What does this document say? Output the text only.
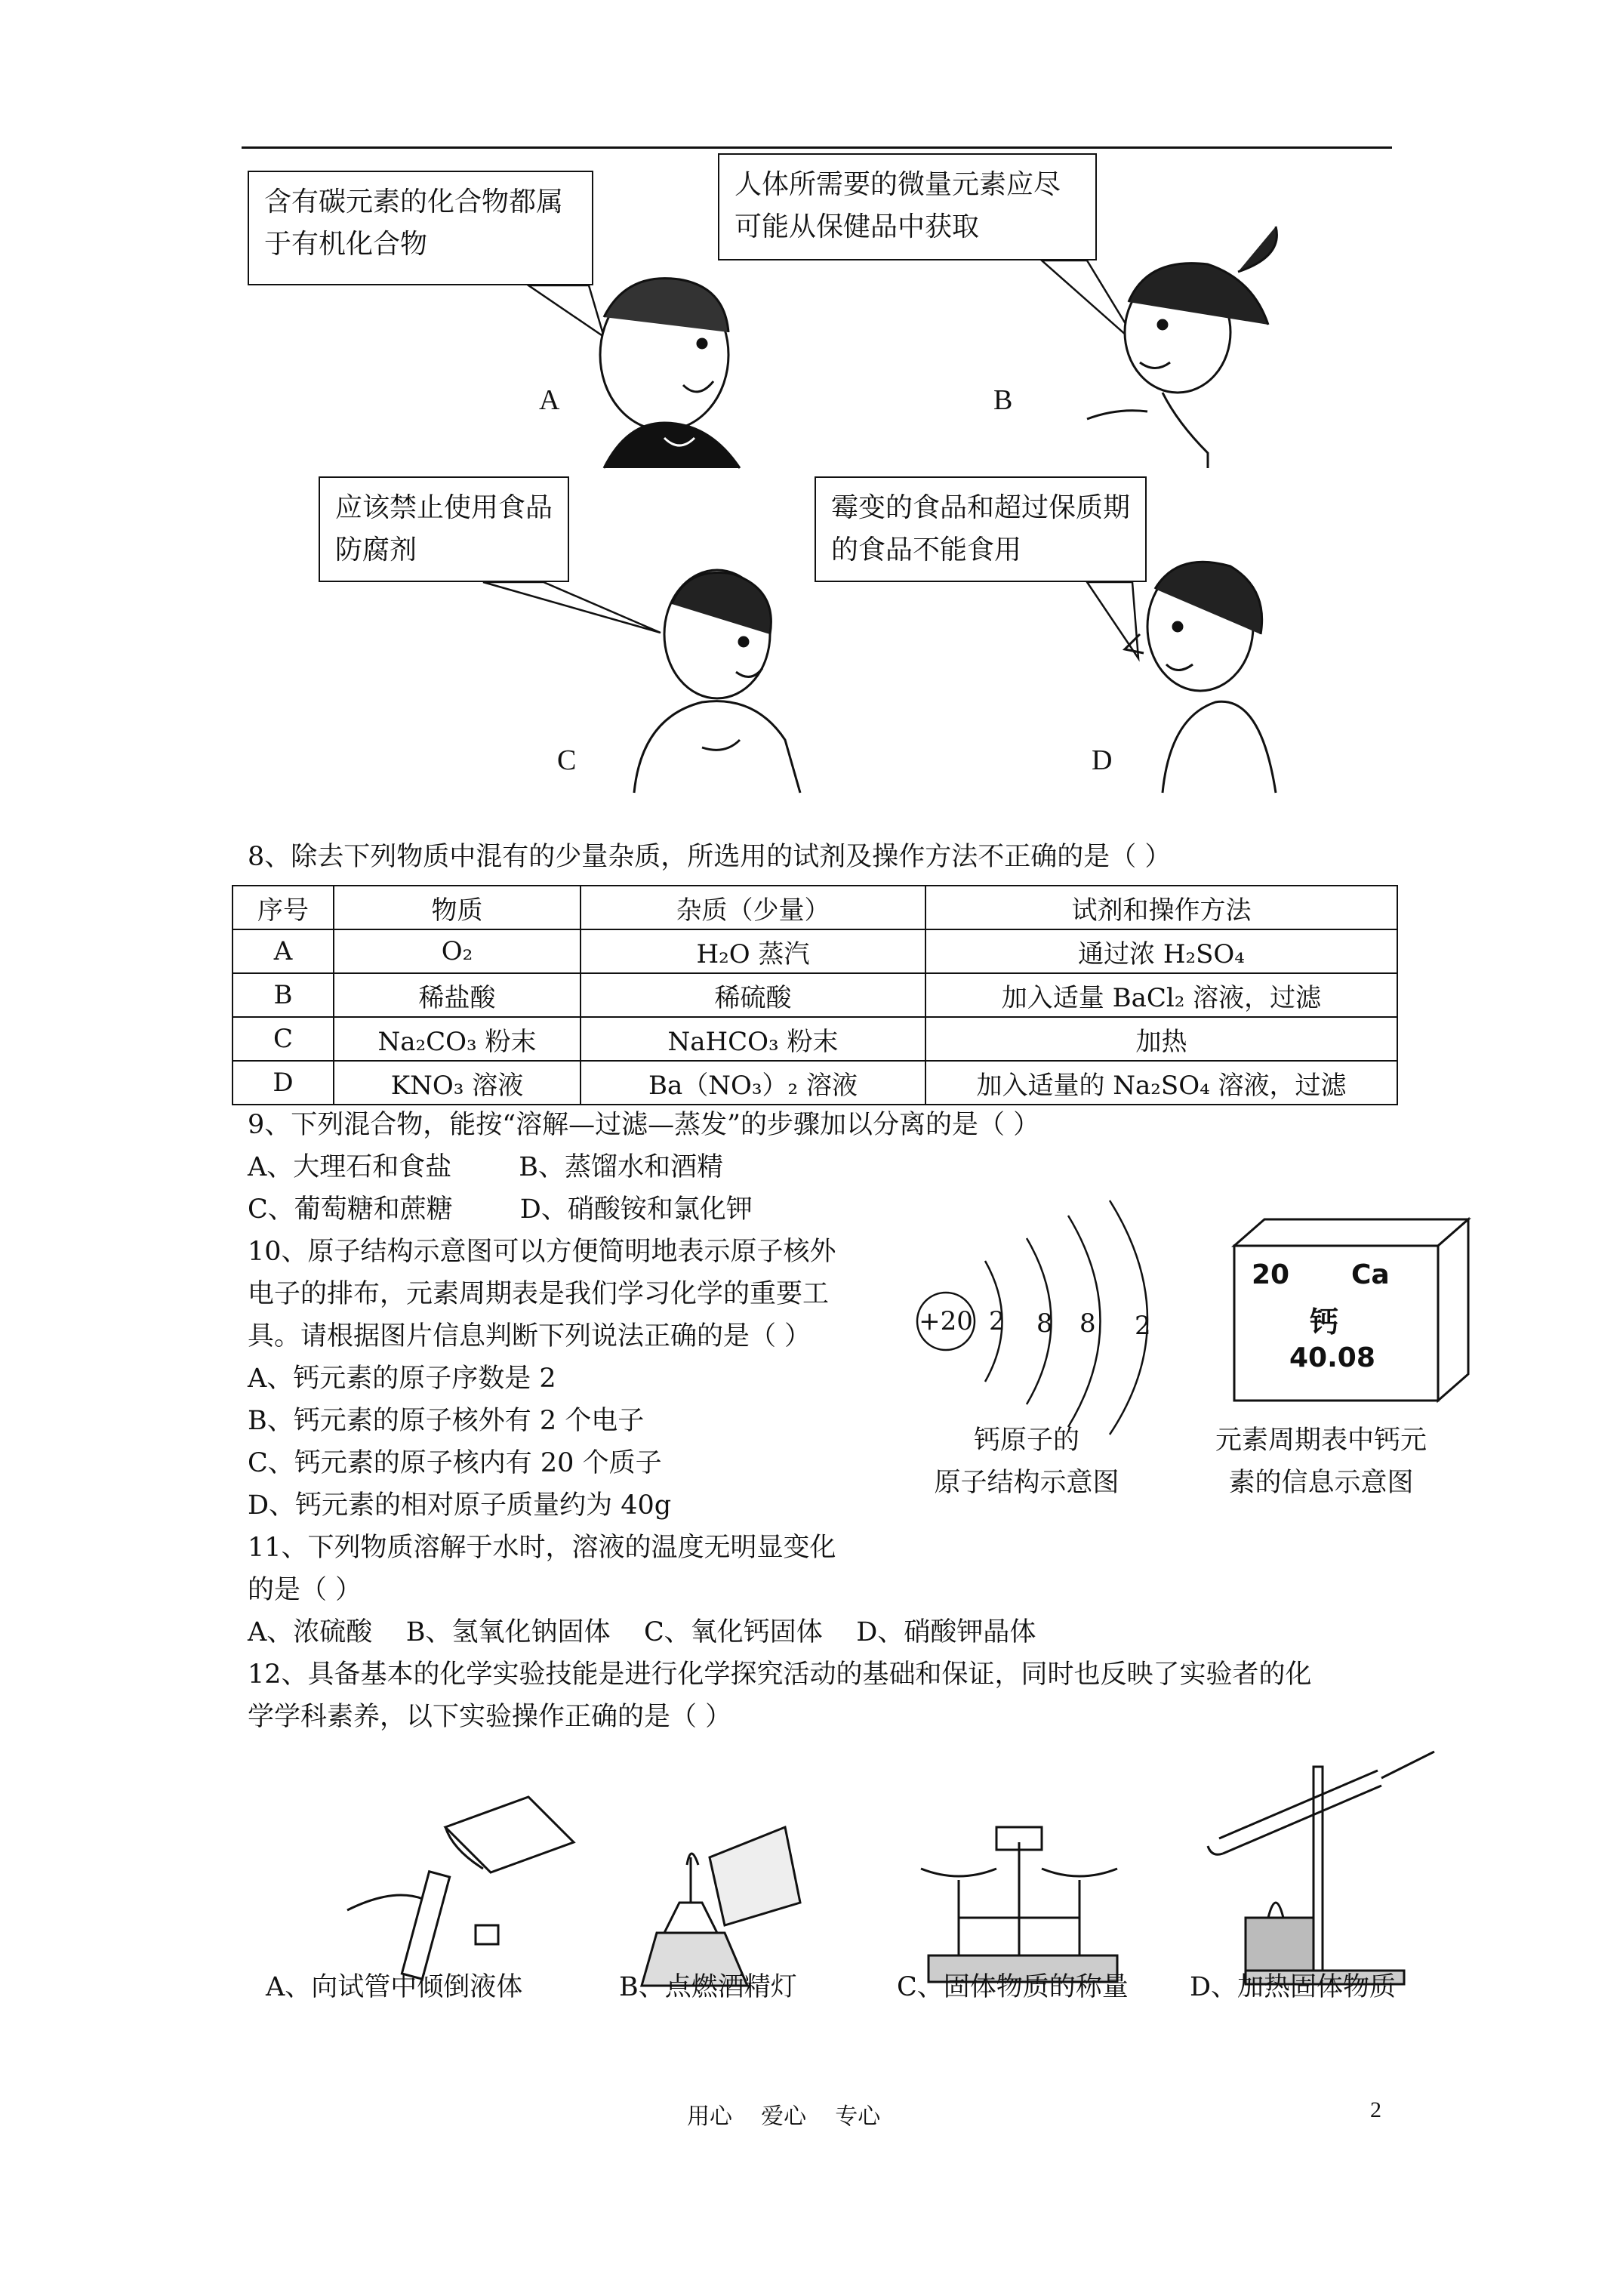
含有碳元素的化合物都属于有机化合物
人体所需要的微量元素应尽可能从保健品中获取
应该禁止使用食品防腐剂
霉变的食品和超过保质期的食品不能食用
A	B
C	D
8、除去下列物质中混有的少量杂质，所选用的试剂及操作方法不正确的是（ ）
序号	物质	杂质（少量）	试剂和操作方法
A	O₂	H₂O 蒸汽	通过浓 H₂SO₄
B	稀盐酸	稀硫酸	加入适量 BaCl₂ 溶液，过滤
C	Na₂CO₃ 粉末	NaHCO₃ 粉末	加热
D	KNO₃ 溶液	Ba（NO₃）₂ 溶液	加入适量的 Na₂SO₄ 溶液，过滤
9、下列混合物，能按“溶解—过滤—蒸发”的步骤加以分离的是（ ）
A、大理石和食盐        B、蒸馏水和酒精
C、葡萄糖和蔗糖        D、硝酸铵和氯化钾
10、原子结构示意图可以方便简明地表示原子核外
电子的排布，元素周期表是我们学习化学的重要工
具。请根据图片信息判断下列说法正确的是（ ）
A、钙元素的原子序数是 2
B、钙元素的原子核外有 2 个电子
C、钙元素的原子核内有 20 个质子
D、钙元素的相对原子质量约为 40g
+20 2 8 8 2
钙原子的
原子结构示意图
20 Ca
钙
40.08
元素周期表中钙元
素的信息示意图
11、下列物质溶解于水时，溶液的温度无明显变化
的是（ ）
A、浓硫酸    B、氢氧化钠固体    C、氧化钙固体    D、硝酸钾晶体
12、具备基本的化学实验技能是进行化学探究活动的基础和保证，同时也反映了实验者的化
学学科素养，以下实验操作正确的是（ ）
A、向试管中倾倒液体	B、点燃酒精灯	C、固体物质的称量 D、加热固体物质
用心    爱心    专心	2
